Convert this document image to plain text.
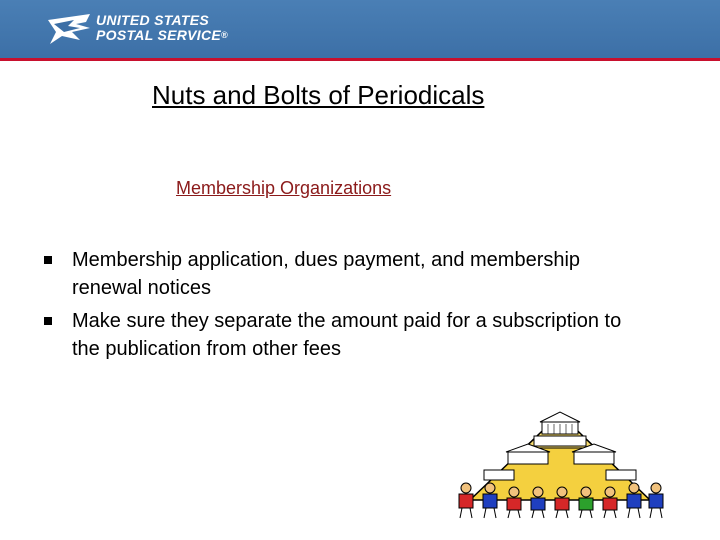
UNITED STATES
POSTAL SERVICE®
Nuts and Bolts of Periodicals
Membership Organizations
Membership application, dues payment, and membership renewal notices
Make sure they separate the amount paid for a subscription to the publication from other fees
